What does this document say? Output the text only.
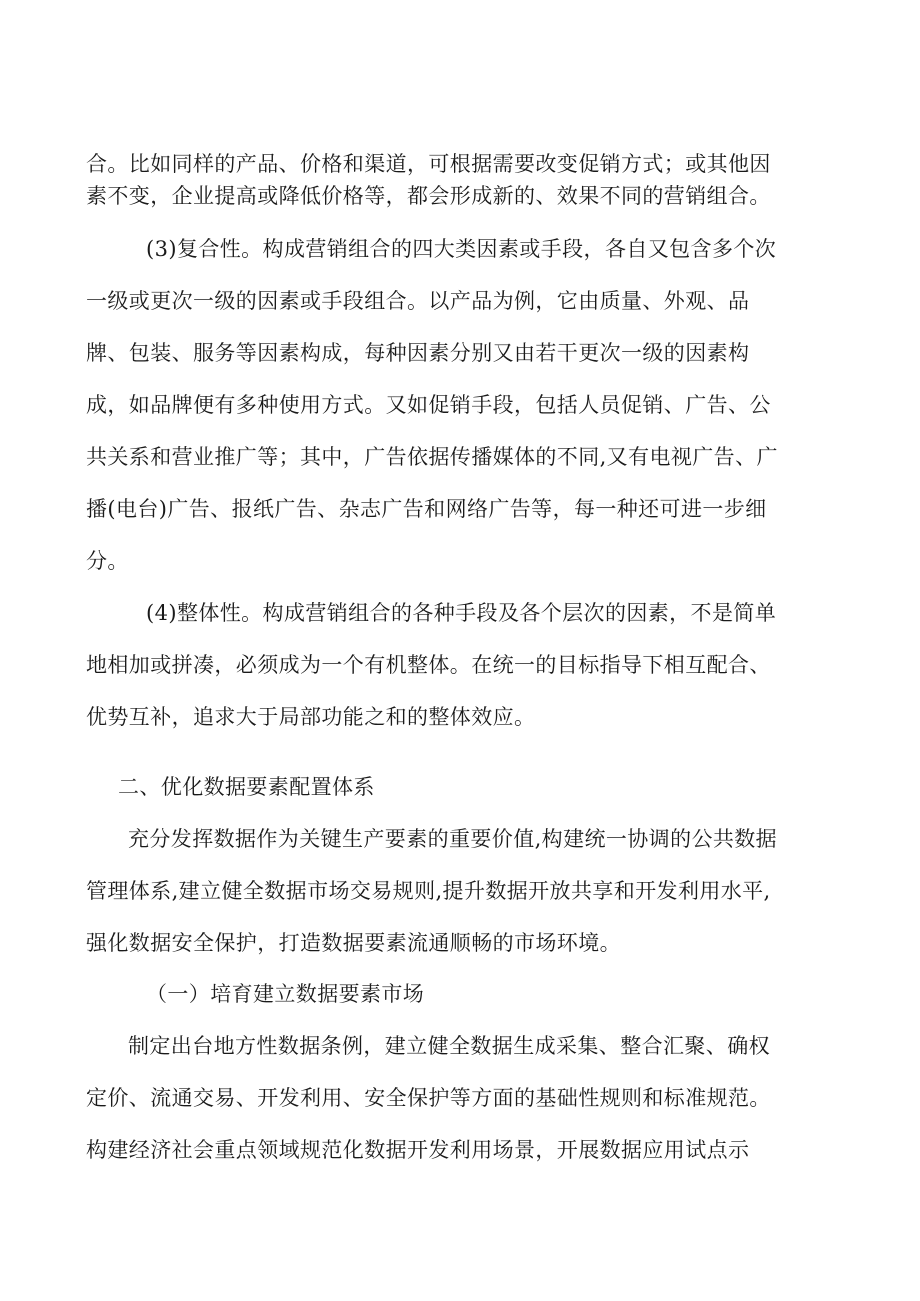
合。比如同样的产品、价格和渠道，可根据需要改变促销方式；或其他因

素不变，企业提高或降低价格等，都会形成新的、效果不同的营销组合。

(3)复合性。构成营销组合的四大类因素或手段，各自又包含多个次

一级或更次一级的因素或手段组合。以产品为例，它由质量、外观、品

牌、包装、服务等因素构成，每种因素分别又由若干更次一级的因素构

成，如品牌便有多种使用方式。又如促销手段，包括人员促销、广告、公

共关系和营业推广等；其中，广告依据传播媒体的不同,又有电视广告、广

播(电台)广告、报纸广告、杂志广告和网络广告等，每一种还可进一步细

分。

(4)整体性。构成营销组合的各种手段及各个层次的因素，不是简单

地相加或拼凑，必须成为一个有机整体。在统一的目标指导下相互配合、

优势互补，追求大于局部功能之和的整体效应。

二、优化数据要素配置体系

充分发挥数据作为关键生产要素的重要价值,构建统一协调的公共数据

管理体系,建立健全数据市场交易规则,提升数据开放共享和开发利用水平,

强化数据安全保护，打造数据要素流通顺畅的市场环境。

（一）培育建立数据要素市场

制定出台地方性数据条例，建立健全数据生成采集、整合汇聚、确权

定价、流通交易、开发利用、安全保护等方面的基础性规则和标准规范。

构建经济社会重点领域规范化数据开发利用场景，开展数据应用试点示
